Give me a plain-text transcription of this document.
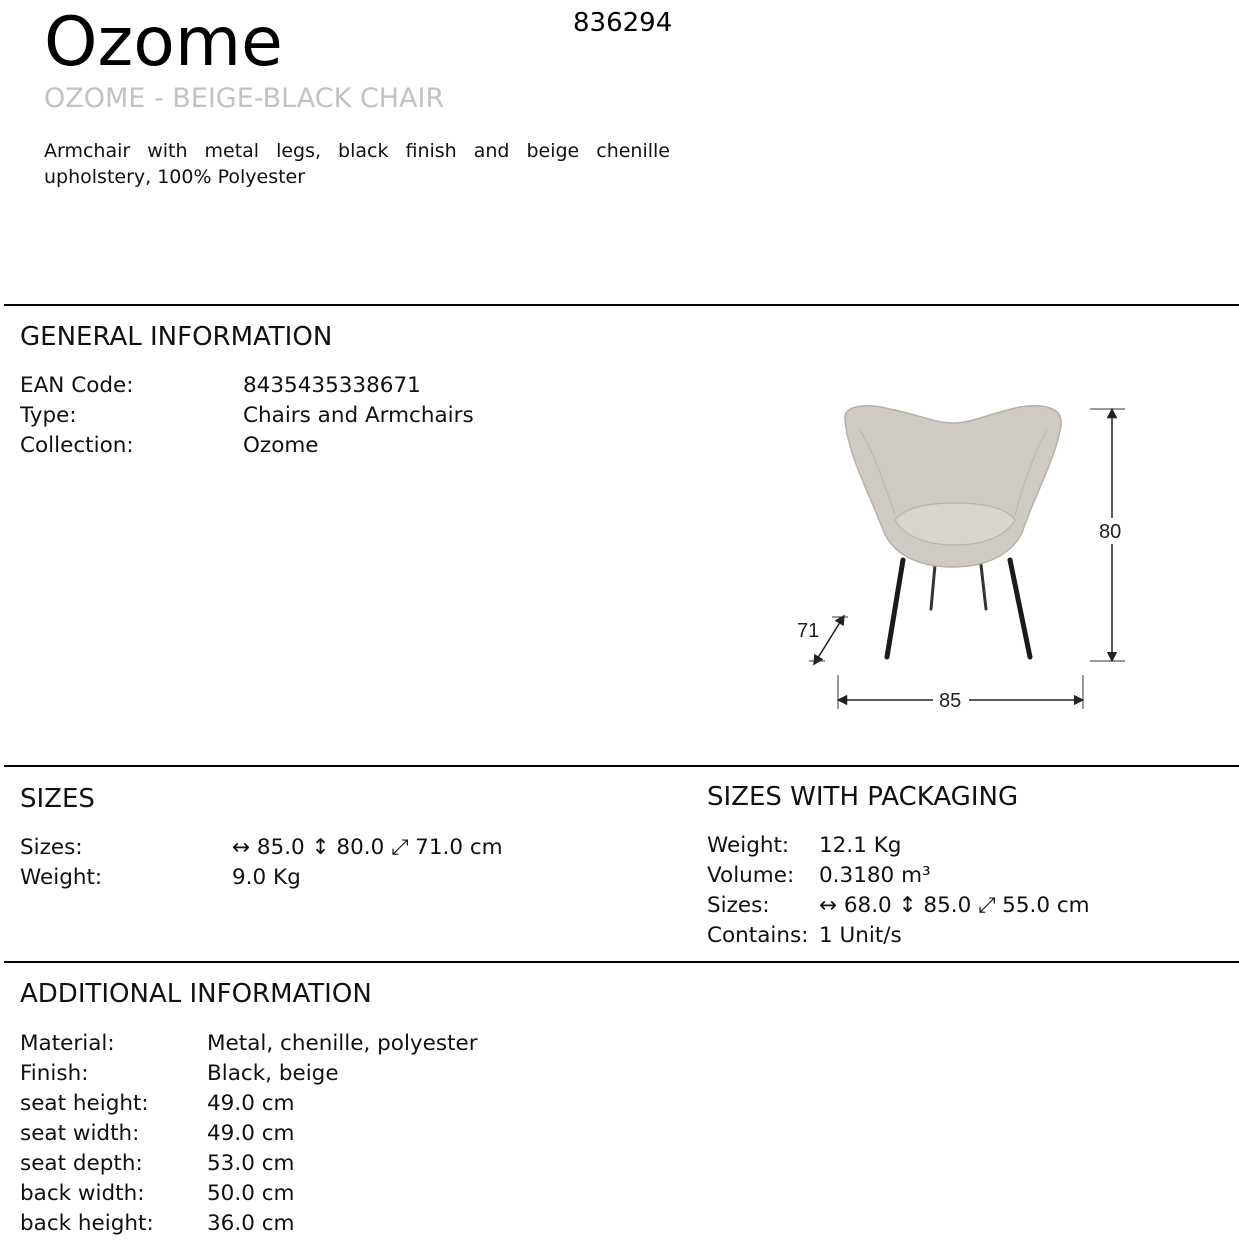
Ozome	836294
OZOME - BEIGE-BLACK CHAIR
Armchair with metal legs, black finish and beige chenille upholstery, 100% Polyester
GENERAL INFORMATION
EAN Code:	8435435338671
Type:	Chairs and Armchairs
Collection:	Ozome
80
71
85
SIZES
Sizes:	↔ 85.0 ↕ 80.0 ⤢ 71.0 cm
Weight:	9.0 Kg
SIZES WITH PACKAGING
Weight: 12.1 Kg
Volume: 0.3180 m³
Sizes: ↔ 68.0 ↕ 85.0 ⤢ 55.0 cm
Contains: 1 Unit/s
ADDITIONAL INFORMATION
Material:	Metal, chenille, polyester
Finish:	Black, beige
seat height:	49.0 cm
seat width:	49.0 cm
seat depth:	53.0 cm
back width:	50.0 cm
back height: 36.0 cm
